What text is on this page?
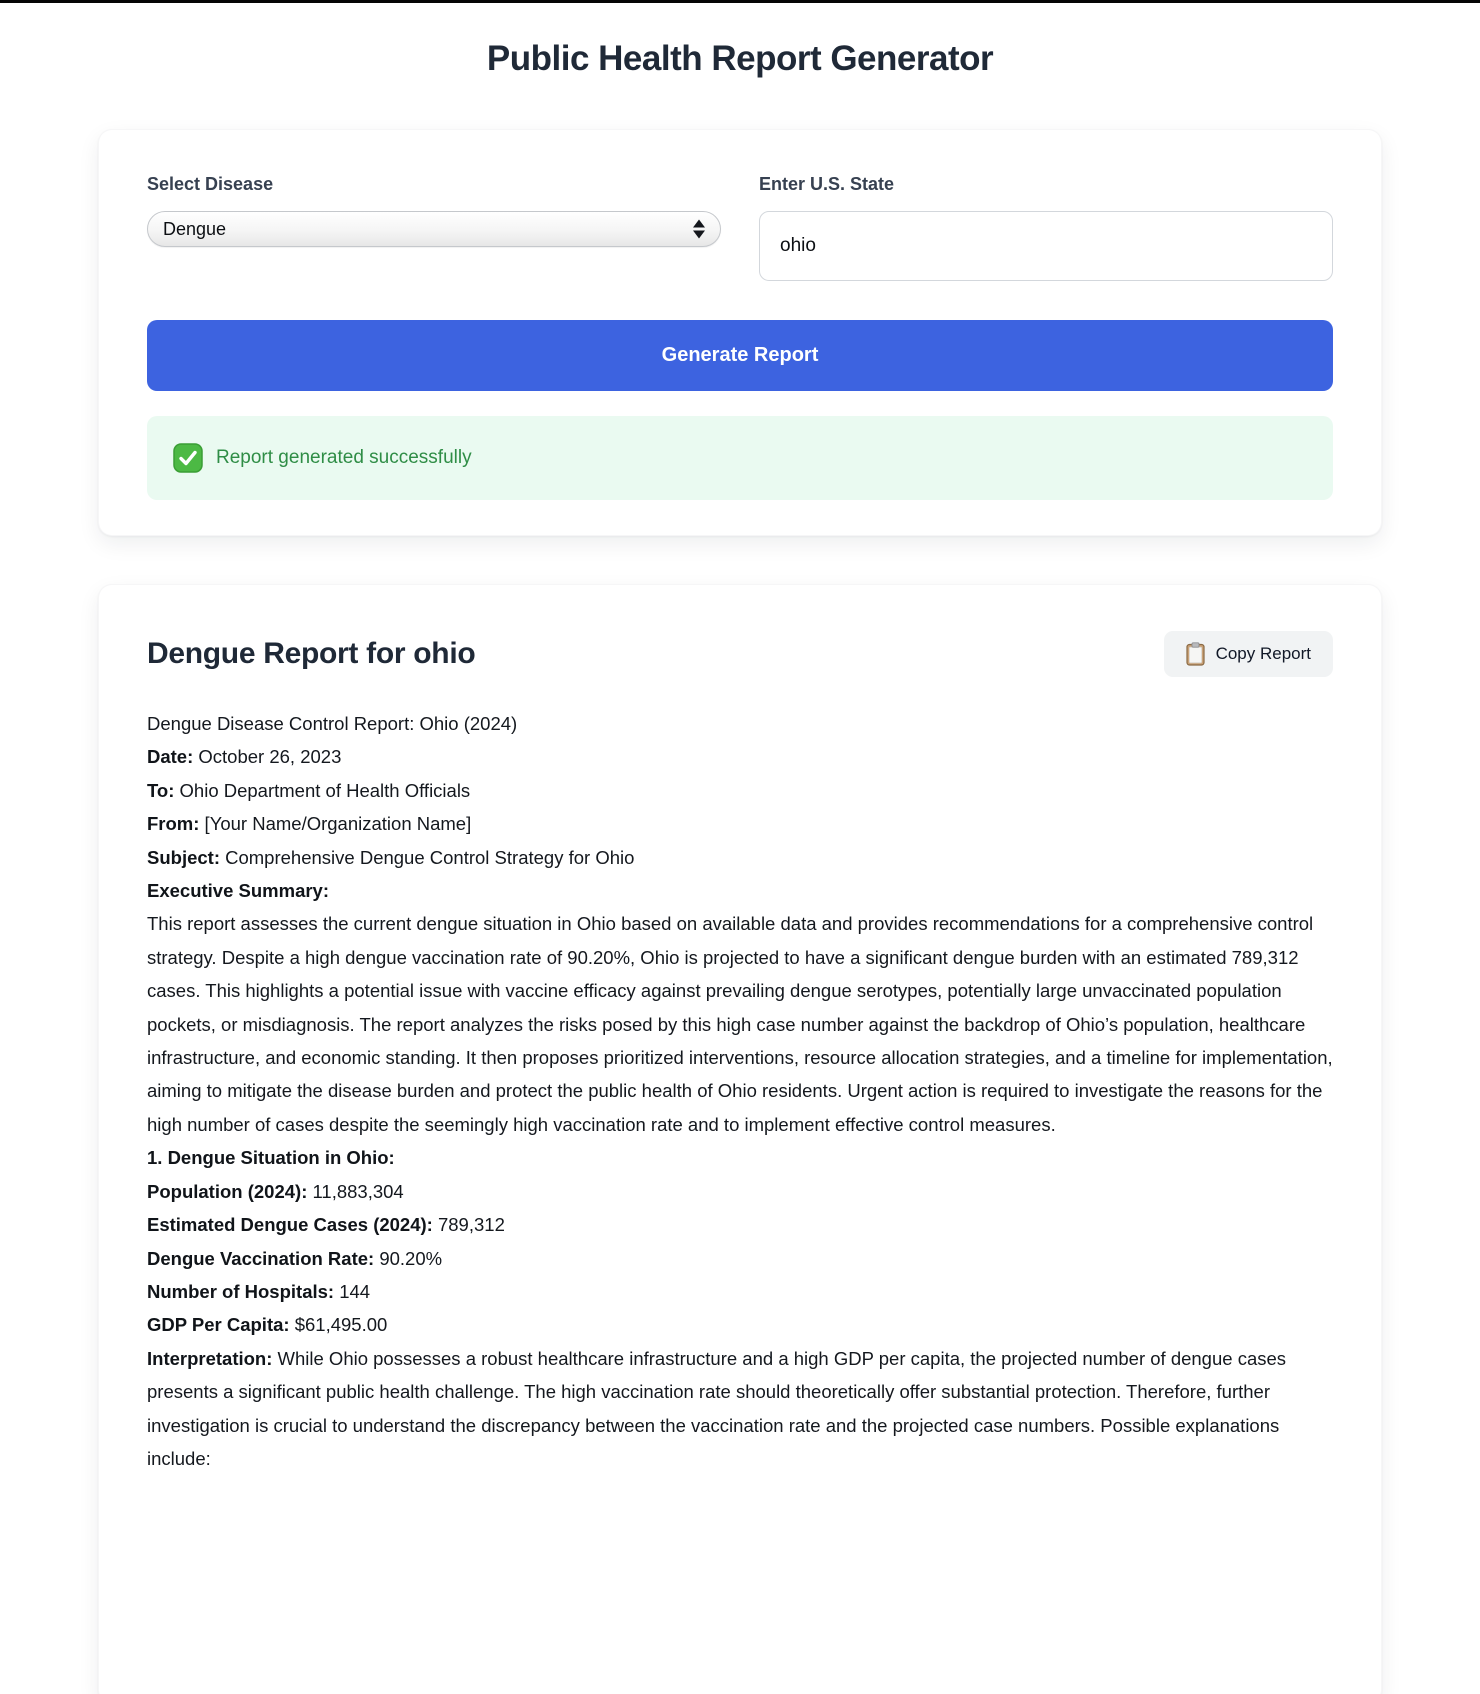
Public Health Report Generator
Select Disease
Dengue	Enter U.S. State
ohio
Generate Report
Report generated successfully
Dengue Report for ohio	Copy Report

Dengue Disease Control Report: Ohio (2024)

Date: October 26, 2023

To: Ohio Department of Health Officials

From: [Your Name/Organization Name]

Subject: Comprehensive Dengue Control Strategy for Ohio

Executive Summary:

This report assesses the current dengue situation in Ohio based on available data and provides recommendations for a comprehensive control strategy. Despite a high dengue vaccination rate of 90.20%, Ohio is projected to have a significant dengue burden with an estimated 789,312 cases. This highlights a potential issue with vaccine efficacy against prevailing dengue serotypes, potentially large unvaccinated population pockets, or misdiagnosis. The report analyzes the risks posed by this high case number against the backdrop of Ohio’s population, healthcare infrastructure, and economic standing. It then proposes prioritized interventions, resource allocation strategies, and a timeline for implementation, aiming to mitigate the disease burden and protect the public health of Ohio residents. Urgent action is required to investigate the reasons for the high number of cases despite the seemingly high vaccination rate and to implement effective control measures.

1. Dengue Situation in Ohio:

Population (2024): 11,883,304

Estimated Dengue Cases (2024): 789,312

Dengue Vaccination Rate: 90.20%

Number of Hospitals: 144

GDP Per Capita: $61,495.00

Interpretation: While Ohio possesses a robust healthcare infrastructure and a high GDP per capita, the projected number of dengue cases presents a significant public health challenge. The high vaccination rate should theoretically offer substantial protection. Therefore, further investigation is crucial to understand the discrepancy between the vaccination rate and the projected case numbers. Possible explanations include:
